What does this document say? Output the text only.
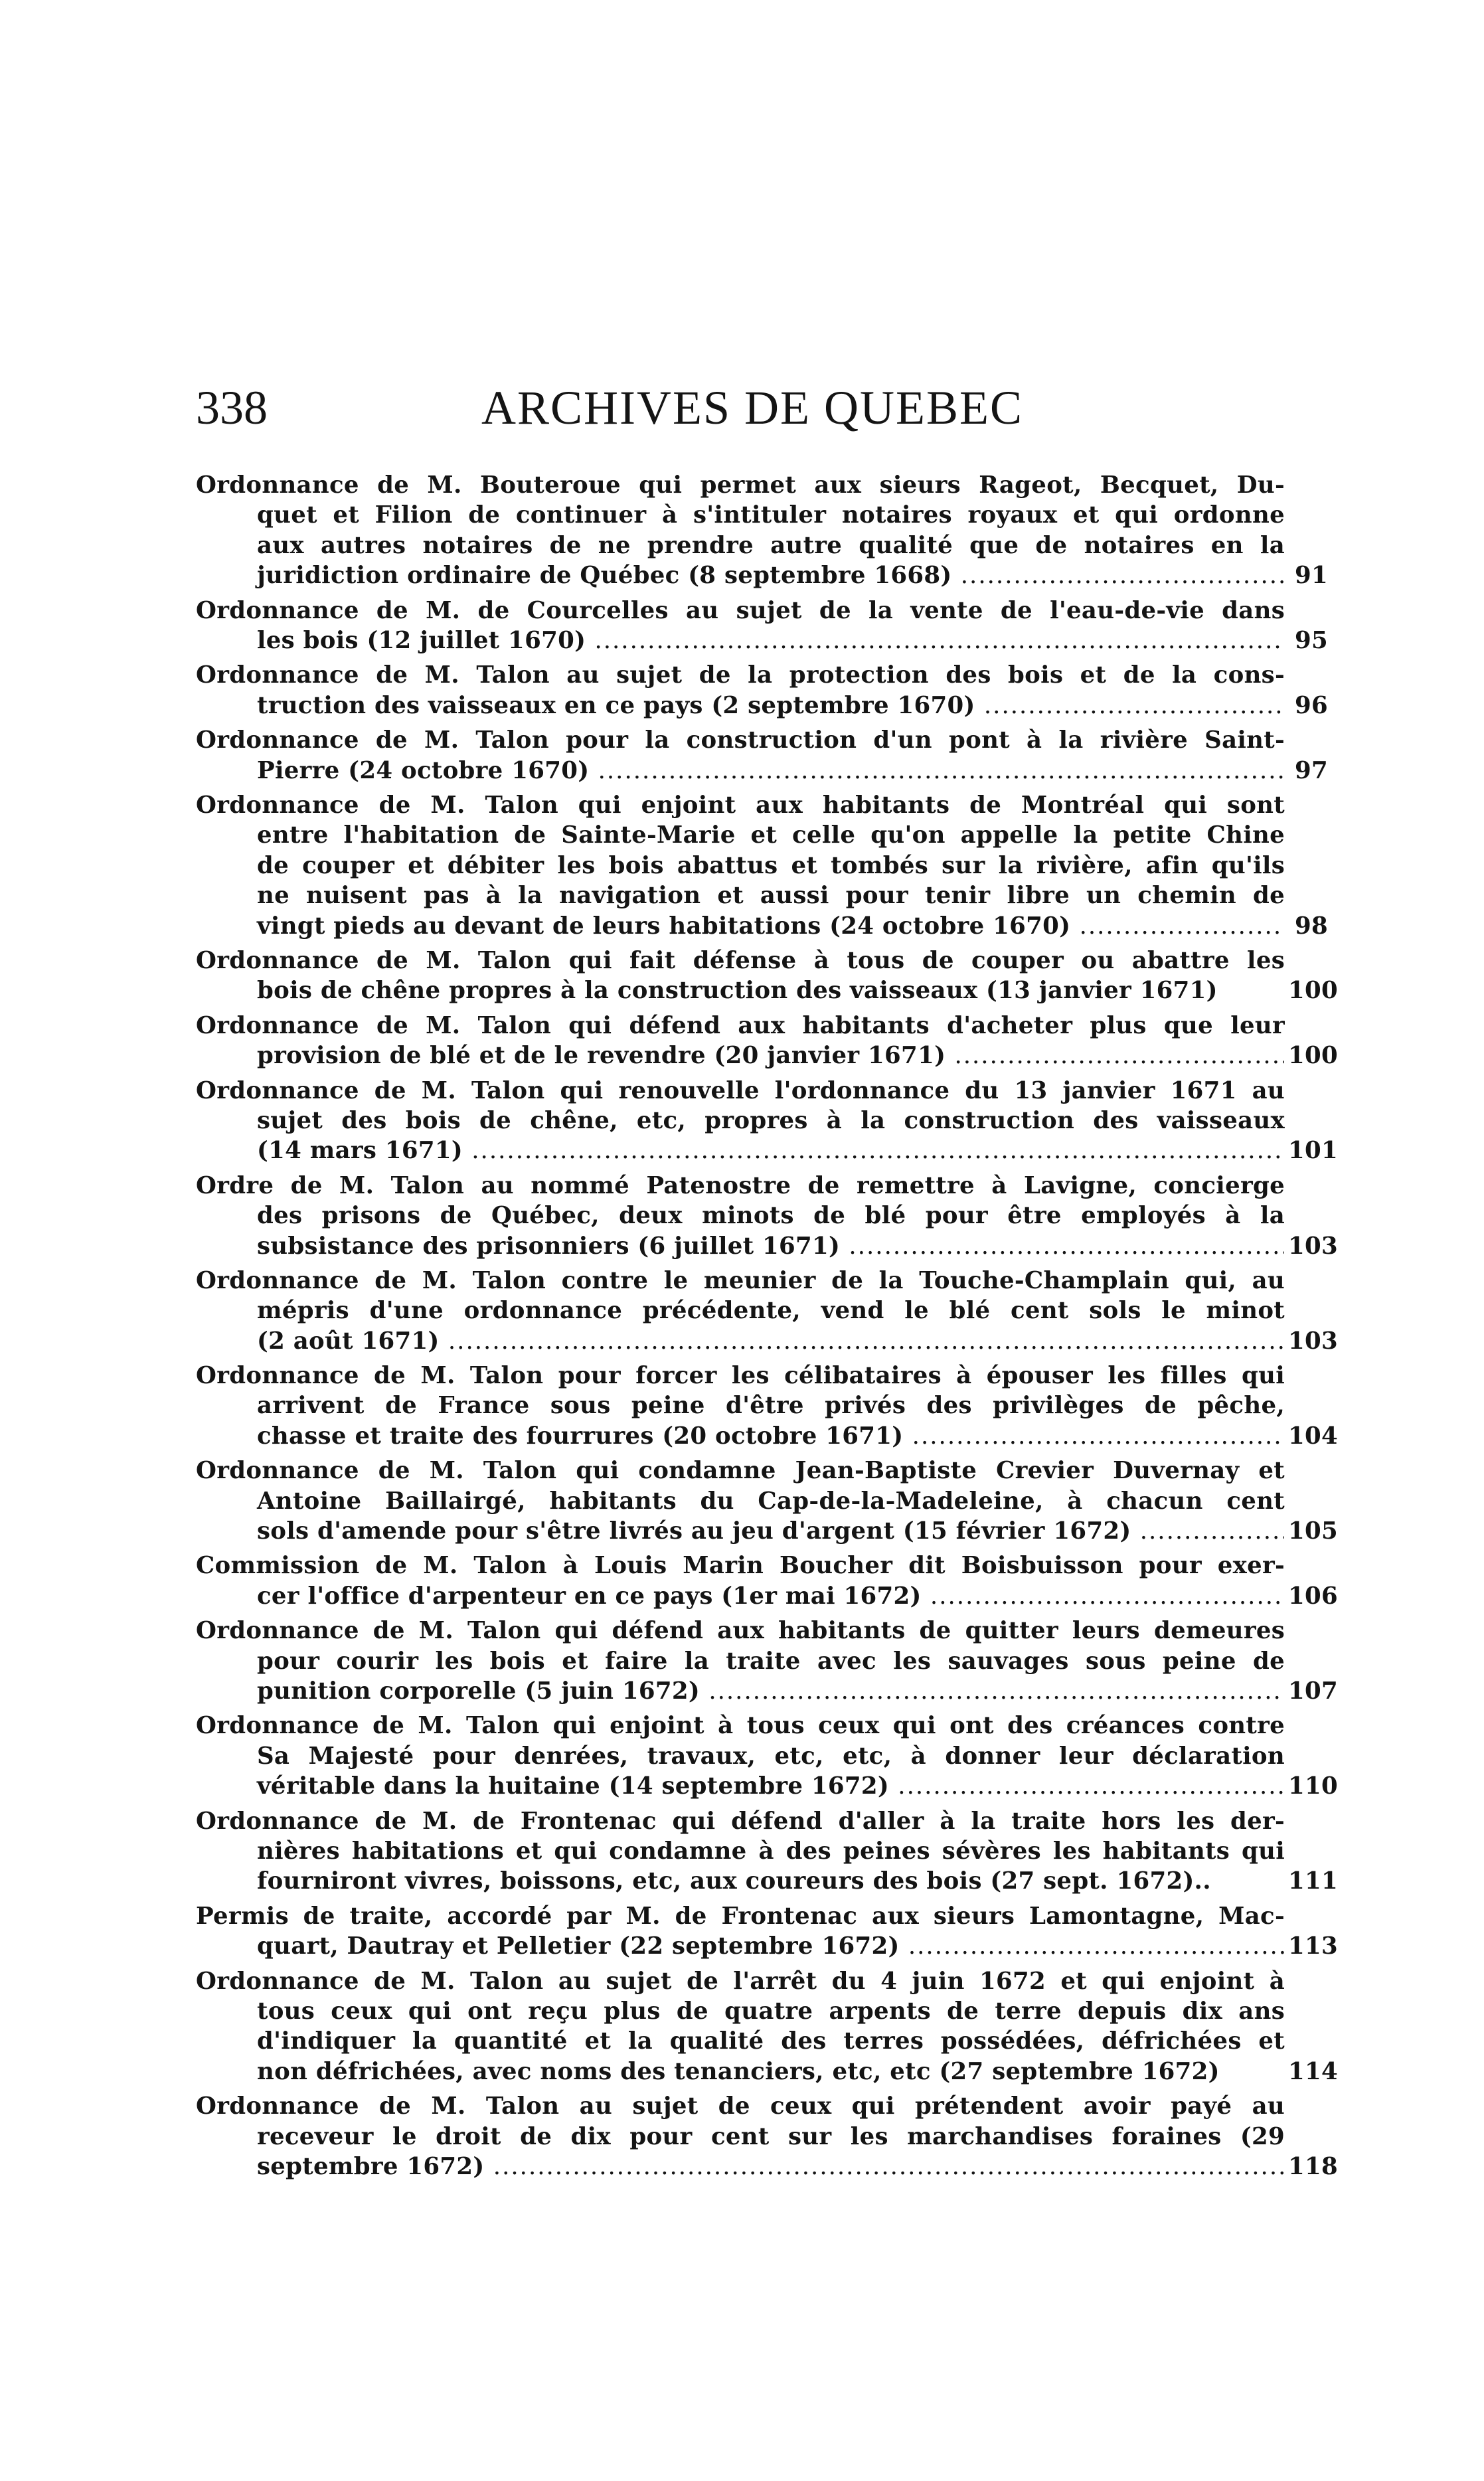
338	ARCHIVES DE QUEBEC
Ordonnance de M. Bouteroue qui permet aux sieurs Rageot, Becquet, Du-
quet et Filion de continuer à s'intituler notaires royaux et qui ordonne
aux autres notaires de ne prendre autre qualité que de notaires en la
juridiction ordinaire de Québec (8 septembre 1668) .....	91
Ordonnance de M. de Courcelles au sujet de la vente de l'eau-de-vie dans
les bois (12 juillet 1670) .....	95
Ordonnance de M. Talon au sujet de la protection des bois et de la cons-
truction des vaisseaux en ce pays (2 septembre 1670) .....	96
Ordonnance de M. Talon pour la construction d'un pont à la rivière Saint-
Pierre (24 octobre 1670) .....	97
Ordonnance de M. Talon qui enjoint aux habitants de Montréal qui sont
entre l'habitation de Sainte-Marie et celle qu'on appelle la petite Chine
de couper et débiter les bois abattus et tombés sur la rivière, afin qu'ils
ne nuisent pas à la navigation et aussi pour tenir libre un chemin de
vingt pieds au devant de leurs habitations (24 octobre 1670) .....	98
Ordonnance de M. Talon qui fait défense à tous de couper ou abattre les
bois de chêne propres à la construction des vaisseaux (13 janvier 1671)	100
Ordonnance de M. Talon qui défend aux habitants d'acheter plus que leur
provision de blé et de le revendre (20 janvier 1671) .....	100
Ordonnance de M. Talon qui renouvelle l'ordonnance du 13 janvier 1671 au
sujet des bois de chêne, etc, propres à la construction des vaisseaux
(14 mars 1671) .....	101
Ordre de M. Talon au nommé Patenostre de remettre à Lavigne, concierge
des prisons de Québec, deux minots de blé pour être employés à la
subsistance des prisonniers (6 juillet 1671) .....	103
Ordonnance de M. Talon contre le meunier de la Touche-Champlain qui, au
mépris d'une ordonnance précédente, vend le blé cent sols le minot
(2 août 1671) .....	103
Ordonnance de M. Talon pour forcer les célibataires à épouser les filles qui
arrivent de France sous peine d'être privés des privilèges de pêche,
chasse et traite des fourrures (20 octobre 1671) .....	104
Ordonnance de M. Talon qui condamne Jean-Baptiste Crevier Duvernay et
Antoine Baillairgé, habitants du Cap-de-la-Madeleine, à chacun cent
sols d'amende pour s'être livrés au jeu d'argent (15 février 1672) .....	105
Commission de M. Talon à Louis Marin Boucher dit Boisbuisson pour exer-
cer l'office d'arpenteur en ce pays (1er mai 1672) .....	106
Ordonnance de M. Talon qui défend aux habitants de quitter leurs demeures
pour courir les bois et faire la traite avec les sauvages sous peine de
punition corporelle (5 juin 1672) .....	107
Ordonnance de M. Talon qui enjoint à tous ceux qui ont des créances contre
Sa Majesté pour denrées, travaux, etc, etc, à donner leur déclaration
véritable dans la huitaine (14 septembre 1672) .....	110
Ordonnance de M. de Frontenac qui défend d'aller à la traite hors les der-
nières habitations et qui condamne à des peines sévères les habitants qui
fourniront vivres, boissons, etc, aux coureurs des bois (27 sept. 1672)..	111
Permis de traite, accordé par M. de Frontenac aux sieurs Lamontagne, Mac-
quart, Dautray et Pelletier (22 septembre 1672) .....	113
Ordonnance de M. Talon au sujet de l'arrêt du 4 juin 1672 et qui enjoint à
tous ceux qui ont reçu plus de quatre arpents de terre depuis dix ans
d'indiquer la quantité et la qualité des terres possédées, défrichées et
non défrichées, avec noms des tenanciers, etc, etc (27 septembre 1672)	114
Ordonnance de M. Talon au sujet de ceux qui prétendent avoir payé au
receveur le droit de dix pour cent sur les marchandises foraines (29
septembre 1672) .....	118
